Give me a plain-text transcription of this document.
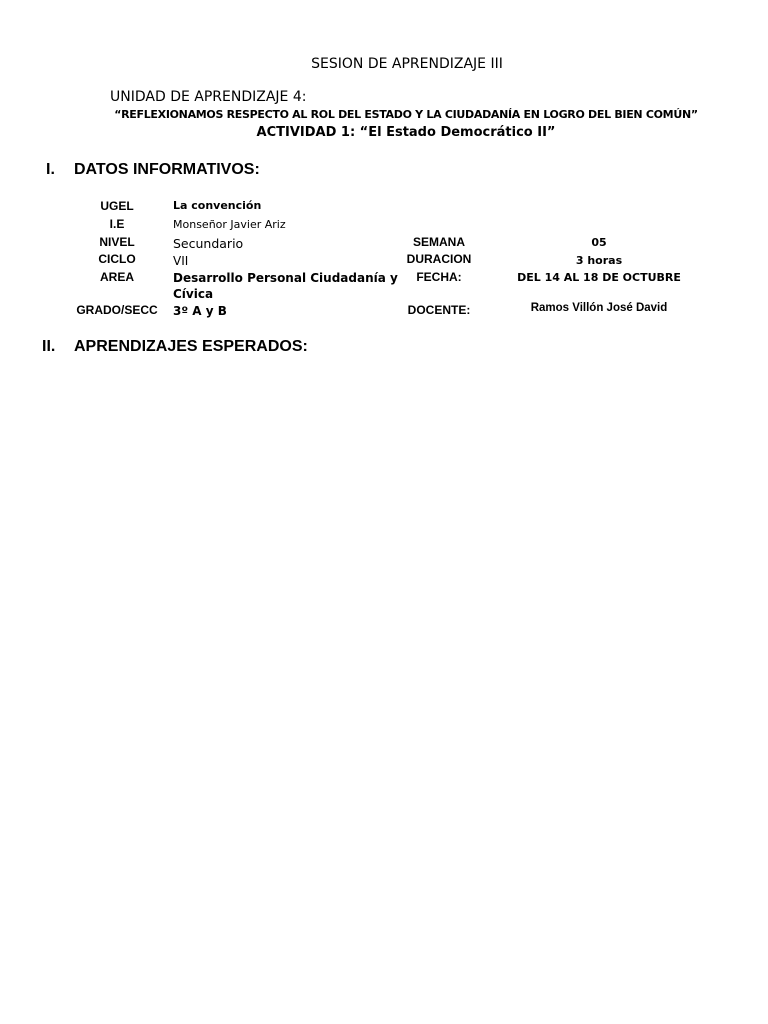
SESION DE APRENDIZAJE III
UNIDAD DE APRENDIZAJE 4:
“REFLEXIONAMOS RESPECTO AL ROL DEL ESTADO Y LA CIUDADANÍA EN LOGRO DEL BIEN COMÚN”
ACTIVIDAD 1: “El Estado Democrático II”
I. DATOS INFORMATIVOS:
UGEL
I.E
NIVEL
CICLO
AREA
GRADO/SECC
La convención
Monseñor Javier Ariz
Secundario
VII
Desarrollo Personal Ciudadanía y
Cívica
3º A y B
SEMANA
DURACION
FECHA:
DOCENTE:
05
3 horas
DEL 14 AL 18 DE OCTUBRE
Ramos Villón José David
II. APRENDIZAJES ESPERADOS:
